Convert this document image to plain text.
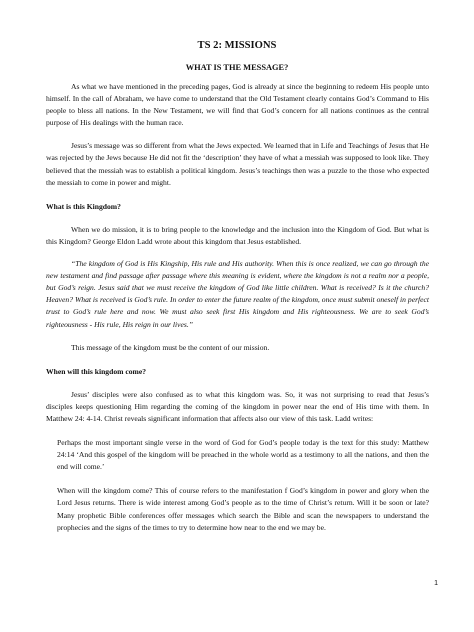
TS 2: MISSIONS
WHAT IS THE MESSAGE?

As what we have mentioned in the preceding pages, God is already at since the beginning to redeem His people unto himself. In the call of Abraham, we have come to understand that the Old Testament clearly contains God’s Command to His people to bless all nations. In the New Testament, we will find that God’s concern for all nations continues as the central purpose of His dealings with the human race.

Jesus’s message was so different from what the Jews expected. We learned that in Life and Teachings of Jesus that He was rejected by the Jews because He did not fit the ‘description’ they have of what a messiah was supposed to look like. They believed that the messiah was to establish a political kingdom. Jesus’s teachings then was a puzzle to the those who expected the messiah to come in power and might.

What is this Kingdom?

When we do mission, it is to bring people to the knowledge and the inclusion into the Kingdom of God. But what is this Kingdom? George Eldon Ladd wrote about this kingdom that Jesus established.

“The kingdom of God is His Kingship, His rule and His authority. When this is once realized, we can go through the new testament and find passage after passage where this meaning is evident, where the kingdom is not a realm nor a people, but God’s reign. Jesus said that we must receive the kingdom of God like little children. What is received? Is it the church? Heaven? What is received is God’s rule. In order to enter the future realm of the kingdom, once must submit oneself in perfect trust to God’s rule here and now. We must also seek first His kingdom and His righteousness. We are to seek God’s righteousness - His rule, His reign in our lives.”

This message of the kingdom must be the content of our mission.

When will this kingdom come?

Jesus’ disciples were also confused as to what this kingdom was. So, it was not surprising to read that Jesus’s disciples keeps questioning Him regarding the coming of the kingdom in power near the end of His time with them. In Matthew 24: 4-14. Christ reveals significant information that affects also our view of this task. Ladd writes:

Perhaps the most important single verse in the word of God for God’s people today is the text for this study: Matthew 24:14 ‘And this gospel of the kingdom will be preached in the whole world as a testimony to all the nations, and then the end will come.’

When will the kingdom come? This of course refers to the manifestation f God’s kingdom in power and glory when the Lord Jesus returns. There is wide interest among God’s people as to the time of Christ’s return. Will it be soon or late? Many prophetic Bible conferences offer messages which search the Bible and scan the newspapers to understand the prophecies and the signs of the times to try to determine how near to the end we may be.

1
